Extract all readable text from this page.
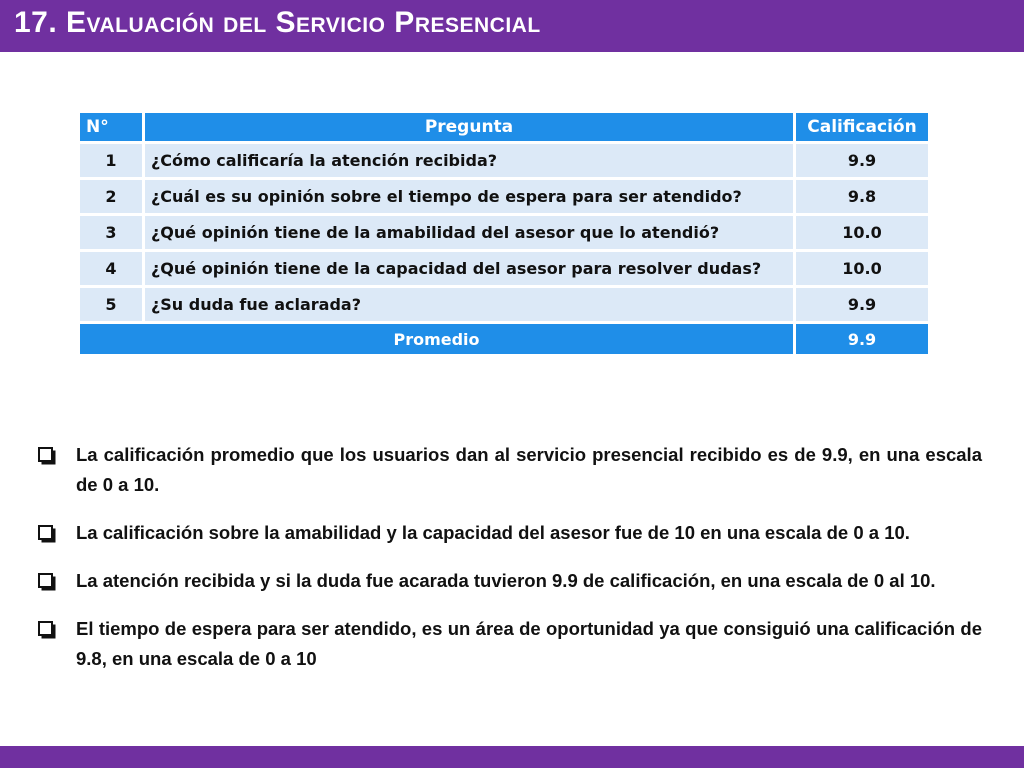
17. Evaluación del Servicio Presencial
N°	Pregunta	Calificación
1	¿Cómo calificaría la atención recibida?	9.9
2	¿Cuál es su opinión sobre el tiempo de espera para ser atendido?	9.8
3	¿Qué opinión tiene de la amabilidad del asesor que lo atendió?	10.0
4	¿Qué opinión tiene de la capacidad del asesor para resolver dudas?	10.0
5	¿Su duda fue aclarada?	9.9
Promedio		9.9
La calificación promedio que los usuarios dan al servicio presencial recibido es de 9.9, en una escala de 0 a 10.
La calificación sobre la amabilidad y la capacidad del asesor fue de 10 en una escala de 0 a 10.
La atención recibida y si la duda fue acarada tuvieron 9.9 de calificación, en una escala de 0 al 10.
El tiempo de espera para ser atendido, es un área de oportunidad ya que consiguió una calificación de 9.8, en una escala de 0 a 10
